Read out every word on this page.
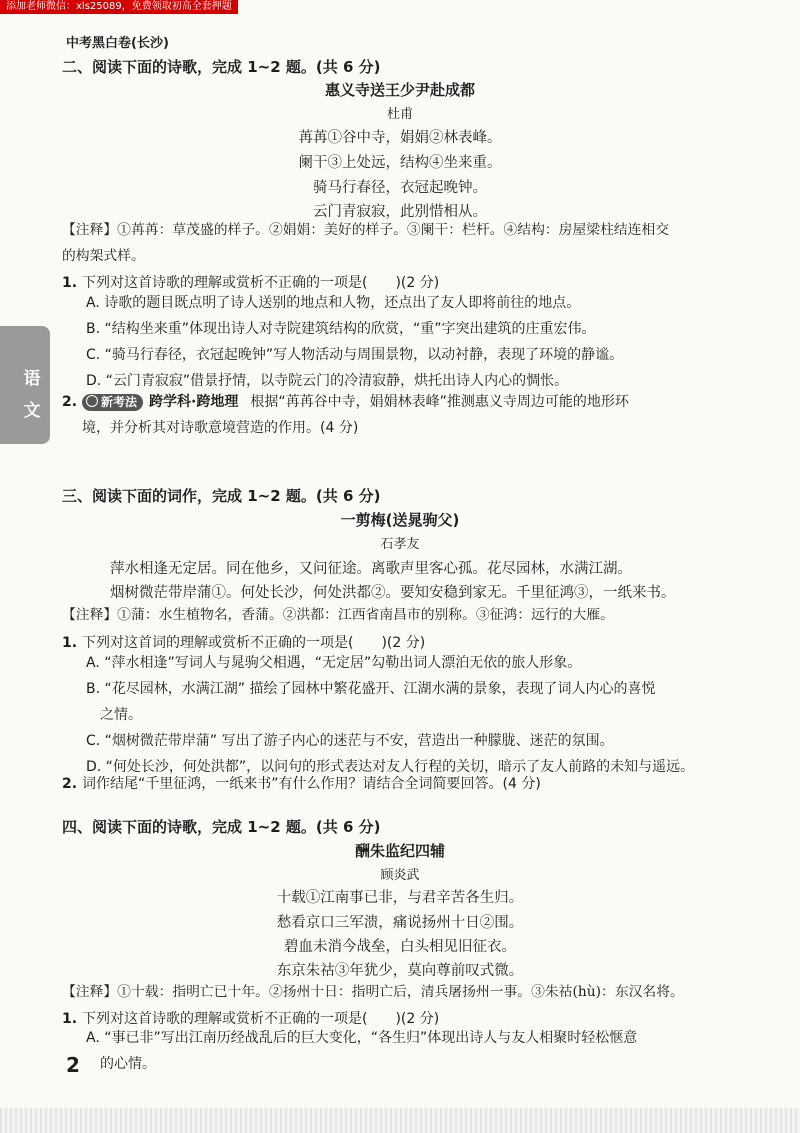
添加老师微信：xls25089，免费领取初高全套押题
中考黑白卷(长沙)
语
文
二、阅读下面的诗歌，完成 1~2 题。(共 6 分)
惠义寺送王少尹赴成都
杜甫
苒苒①谷中寺，娟娟②林表峰。
阑干③上处远，结构④坐来重。
骑马行春径，衣冠起晚钟。
云门青寂寂，此别惜相从。
【注释】①苒苒：草茂盛的样子。②娟娟：美好的样子。③阑干：栏杆。④结构：房屋梁柱结连相交
的构架式样。
1. 下列对这首诗歌的理解或赏析不正确的一项是(　　)(2 分)
A. 诗歌的题目既点明了诗人送别的地点和人物，还点出了友人即将前往的地点。
B. “结构坐来重”体现出诗人对寺院建筑结构的欣赏，“重”字突出建筑的庄重宏伟。
C. “骑马行春径，衣冠起晚钟”写人物活动与周围景物，以动衬静，表现了环境的静谧。
D. “云门青寂寂”借景抒情，以寺院云门的冷清寂静，烘托出诗人内心的惆怅。
2. 新考法 跨学科·跨地理 根据“苒苒谷中寺，娟娟林表峰”推测惠义寺周边可能的地形环
境，并分析其对诗歌意境营造的作用。(4 分)
三、阅读下面的词作，完成 1~2 题。(共 6 分)
一剪梅(送晁驹父)
石孝友
萍水相逢无定居。同在他乡，又问征途。离歌声里客心孤。花尽园林，水满江湖。
烟树微茫带岸蒲①。何处长沙，何处洪都②。要知安稳到家无。千里征鸿③，一纸来书。
【注释】①蒲：水生植物名，香蒲。②洪都：江西省南昌市的别称。③征鸿：远行的大雁。
1. 下列对这首词的理解或赏析不正确的一项是(　　)(2 分)
A. “萍水相逢”写词人与晁驹父相遇，“无定居”勾勒出词人漂泊无依的旅人形象。
B. “花尽园林，水满江湖” 描绘了园林中繁花盛开、江湖水满的景象，表现了词人内心的喜悦
之情。
C. “烟树微茫带岸蒲” 写出了游子内心的迷茫与不安，营造出一种朦胧、迷茫的氛围。
D. “何处长沙，何处洪都”，以问句的形式表达对友人行程的关切，暗示了友人前路的未知与遥远。
2. 词作结尾“千里征鸿，一纸来书”有什么作用？请结合全词简要回答。(4 分)
四、阅读下面的诗歌，完成 1~2 题。(共 6 分)
酬朱监纪四辅
顾炎武
十载①江南事已非，与君辛苦各生归。
愁看京口三军溃，痛说扬州十日②围。
碧血未消今战垒，白头相见旧征衣。
东京朱祜③年犹少，莫向尊前叹式微。
【注释】①十载：指明亡已十年。②扬州十日：指明亡后，清兵屠扬州一事。③朱祜(hù)：东汉名将。
1. 下列对这首诗歌的理解或赏析不正确的一项是(　　)(2 分)
A. “事已非”写出江南历经战乱后的巨大变化，“各生归”体现出诗人与友人相聚时轻松惬意
的心情。
2
